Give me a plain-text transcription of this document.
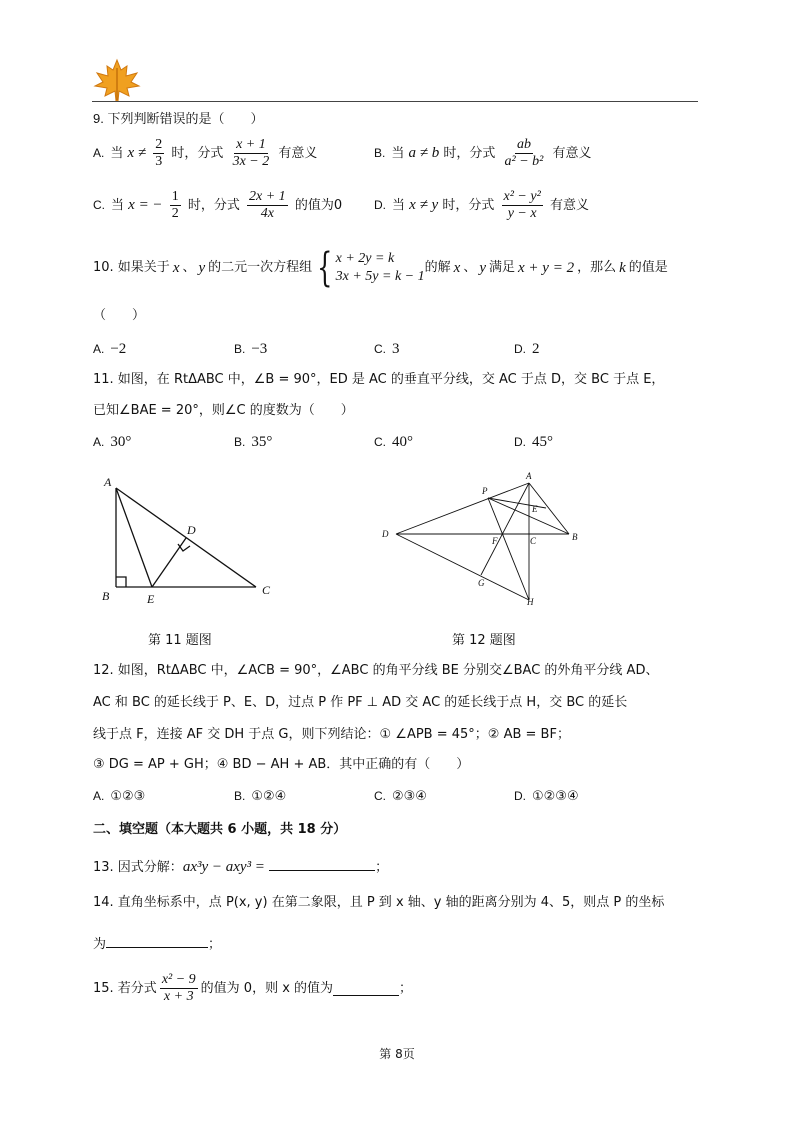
9. 下列判断错误的是（　　）
A. 当 $x \ne \frac{2}{3}$ 时，分式 $\frac{x + 1}{3x - 2}$ 有意义	B. 当 a ≠ b 时，分式 $\frac{ab}{\text{a² − b²}}$ 有意义
C. 当 x = − $\frac{1}{2}$ 时，分式 $\frac{2x + 1}{4x}$ 的值为0	D. 当 x ≠ y 时，分式 $\frac{\text{x² − y²}}{y - x}$ 有意义
10. 如果关于 x 、 y 的二元一次方程组 { x + 2y = k
3x + 5y = k − 1
的解 x 、 y 满足 x + y = 2 ，那么 k 的值是
（　　）
A. −2	B. −3	C. 3	D. 2
11. 如图，在 RtΔABC 中，∠B = 90°，ED 是 AC 的垂直平分线，交 AC 于点 D，交 BC 于点 E，
已知∠BAE = 20°，则∠C 的度数为（　　）
A. 30°	B. 35°	C. 40°	D. 45°
A
B	C
D
E
A
P
E
D
F	C	B
G
H
第 11 题图	第 12 题图
12. 如图，RtΔABC 中，∠ACB = 90°，∠ABC 的角平分线 BE 分别交∠BAC 的外角平分线 AD、
AC 和 BC 的延长线于 P、E、D，过点 P 作 PF ⊥ AD 交 AC 的延长线于点 H，交 BC 的延长
线于点 F，连接 AF 交 DH 于点 G，则下列结论：① ∠APB = 45°；② AB = BF；
③ DG = AP + GH；④ BD − AH + AB．其中正确的有（　　）
A. ①②③	B. ①②④	C. ②③④	D. ①②③④
二、填空题（本大题共 6 小题，共 18 分）
13. 因式分解：ax³y − axy³ =	；
14. 直角坐标系中，点 P(x, y) 在第二象限，且 P 到 x 轴、y 轴的距离分别为 4、5，则点 P 的坐标
为	；
15. 若分式 $\frac{\text{x² − 9}}{x + 3}$ 的值为 0，则 x 的值为	；
第 8页
